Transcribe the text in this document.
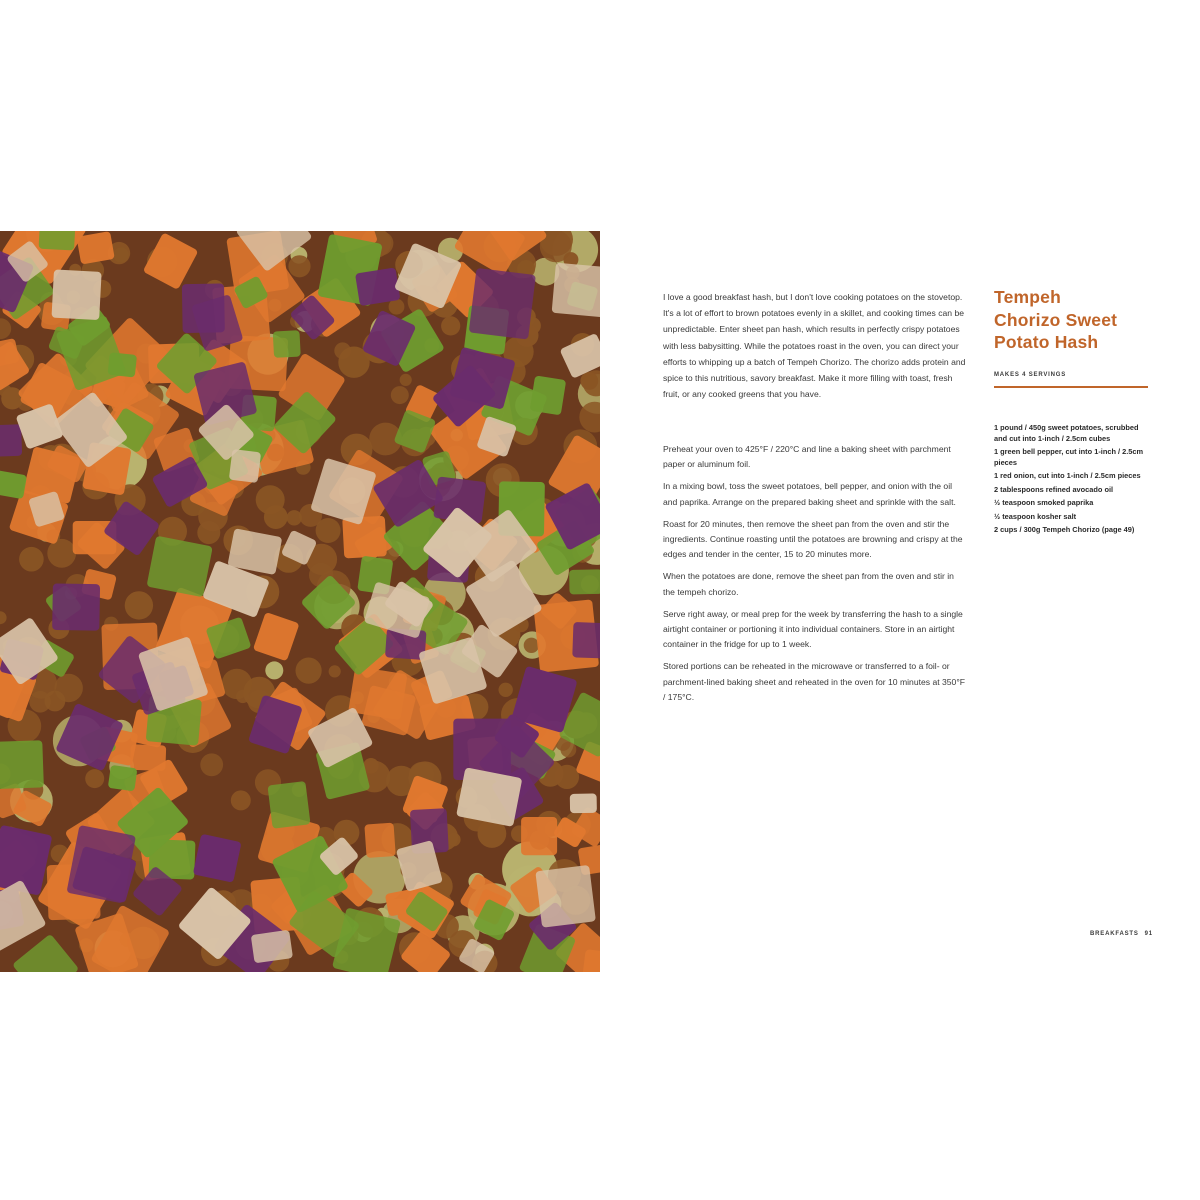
I love a good breakfast hash, but I don't love cooking potatoes on the stovetop. It's a lot of effort to brown potatoes evenly in a skillet, and cooking times can be unpredictable. Enter sheet pan hash, which results in perfectly crispy potatoes with less babysitting. While the potatoes roast in the oven, you can direct your efforts to whipping up a batch of Tempeh Chorizo. The chorizo adds protein and spice to this nutritious, savory breakfast. Make it more filling with toast, fresh fruit, or any cooked greens that you have.

Preheat your oven to 425°F / 220°C and line a baking sheet with parchment paper or aluminum foil.

In a mixing bowl, toss the sweet potatoes, bell pepper, and onion with the oil and paprika. Arrange on the prepared baking sheet and sprinkle with the salt.

Roast for 20 minutes, then remove the sheet pan from the oven and stir the ingredients. Continue roasting until the potatoes are browning and crispy at the edges and tender in the center, 15 to 20 minutes more.

When the potatoes are done, remove the sheet pan from the oven and stir in the tempeh chorizo.

Serve right away, or meal prep for the week by transferring the hash to a single airtight container or portioning it into individual containers. Store in an airtight container in the fridge for up to 1 week.

Stored portions can be reheated in the microwave or transferred to a foil- or parchment-lined baking sheet and reheated in the oven for 10 minutes at 350°F / 175°C.

Tempeh
Chorizo Sweet
Potato Hash
MAKES 4 SERVINGS
1 pound / 450g sweet potatoes, scrubbed and cut into 1-inch / 2.5cm cubes
1 green bell pepper, cut into 1-inch / 2.5cm pieces
1 red onion, cut into 1-inch / 2.5cm pieces
2 tablespoons refined avocado oil
½ teaspoon smoked paprika
½ teaspoon kosher salt
2 cups / 300g Tempeh Chorizo (page 49)
BREAKFASTS 91
